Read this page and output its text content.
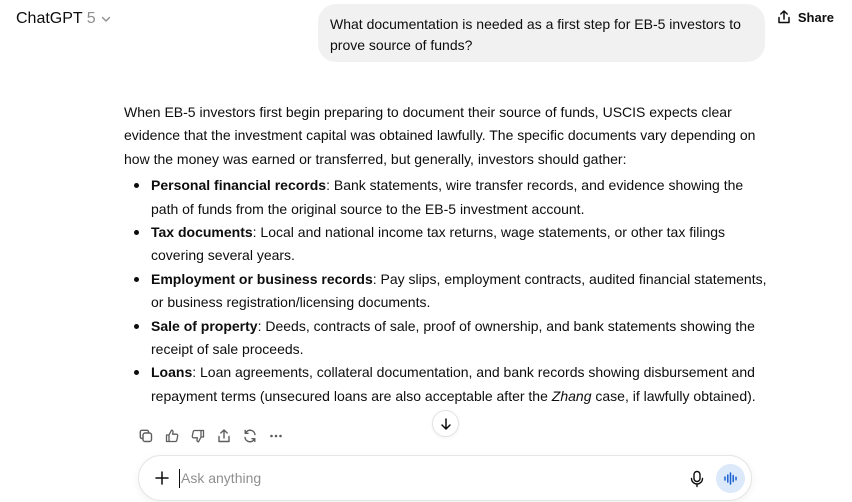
ChatGPT 5	What documentation is needed as a first step for EB-5 investors to prove source of funds?
Share

When EB-5 investors first begin preparing to document their source of funds, USCIS expects clear evidence that the investment capital was obtained lawfully. The specific documents vary depending on how the money was earned or transferred, but generally, investors should gather:

Personal financial records: Bank statements, wire transfer records, and evidence showing the path of funds from the original source to the EB-5 investment account.
Tax documents: Local and national income tax returns, wage statements, or other tax filings covering several years.
Employment or business records: Pay slips, employment contracts, audited financial statements, or business registration/licensing documents.
Sale of property: Deeds, contracts of sale, proof of ownership, and bank statements showing the receipt of sale proceeds.
Loans: Loan agreements, collateral documentation, and bank records showing disbursement and repayment terms (unsecured loans are also acceptable after the Zhang case, if lawfully obtained).
Ask anything
